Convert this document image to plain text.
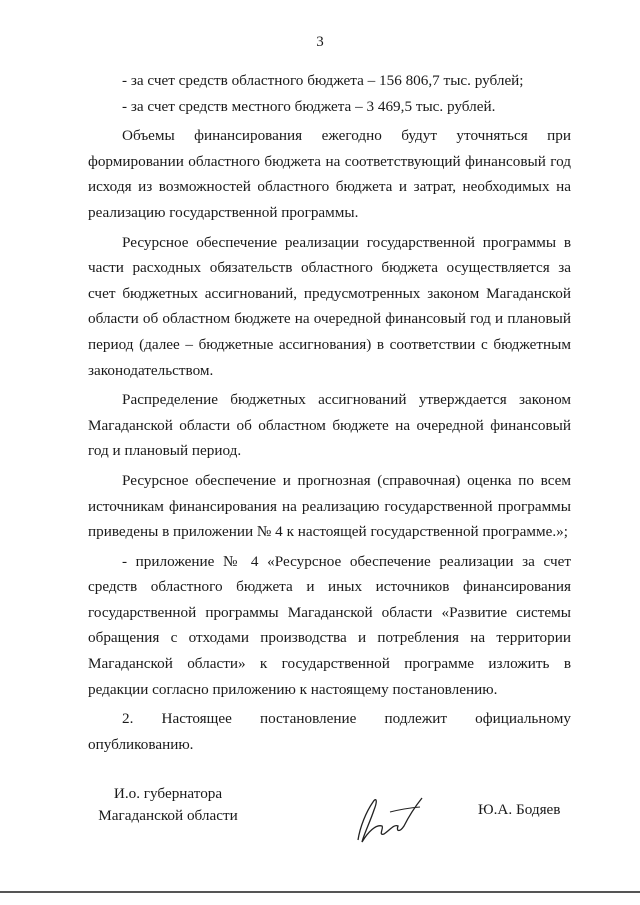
3

- за счет средств областного бюджета – 156 806,7 тыс. рублей;

- за счет средств местного бюджета – 3 469,5 тыс. рублей.

Объемы финансирования ежегодно будут уточняться при формировании областного бюджета на соответствующий финансовый год исходя из возможностей областного бюджета и затрат, необходимых на реализацию государственной программы.

Ресурсное обеспечение реализации государственной программы в части расходных обязательств областного бюджета осуществляется за счет бюджетных ассигнований, предусмотренных законом Магаданской области об областном бюджете на очередной финансовый год и плановый период (далее – бюджетные ассигнования) в соответствии с бюджетным законодательством.

Распределение бюджетных ассигнований утверждается законом Магаданской области об областном бюджете на очередной финансовый год и плановый период.

Ресурсное обеспечение и прогнозная (справочная) оценка по всем источникам финансирования на реализацию государственной программы приведены в приложении № 4 к настоящей государственной программе.»;

- приложение № 4 «Ресурсное обеспечение реализации за счет средств областного бюджета и иных источников финансирования государственной программы Магаданской области «Развитие системы обращения с отходами производства и потребления на территории Магаданской области» к государственной программе изложить в редакции согласно приложению к настоящему постановлению.

2. Настоящее постановление подлежит официальному опубликованию.

И.о. губернатора
Магаданской области	Ю.А. Бодяев
